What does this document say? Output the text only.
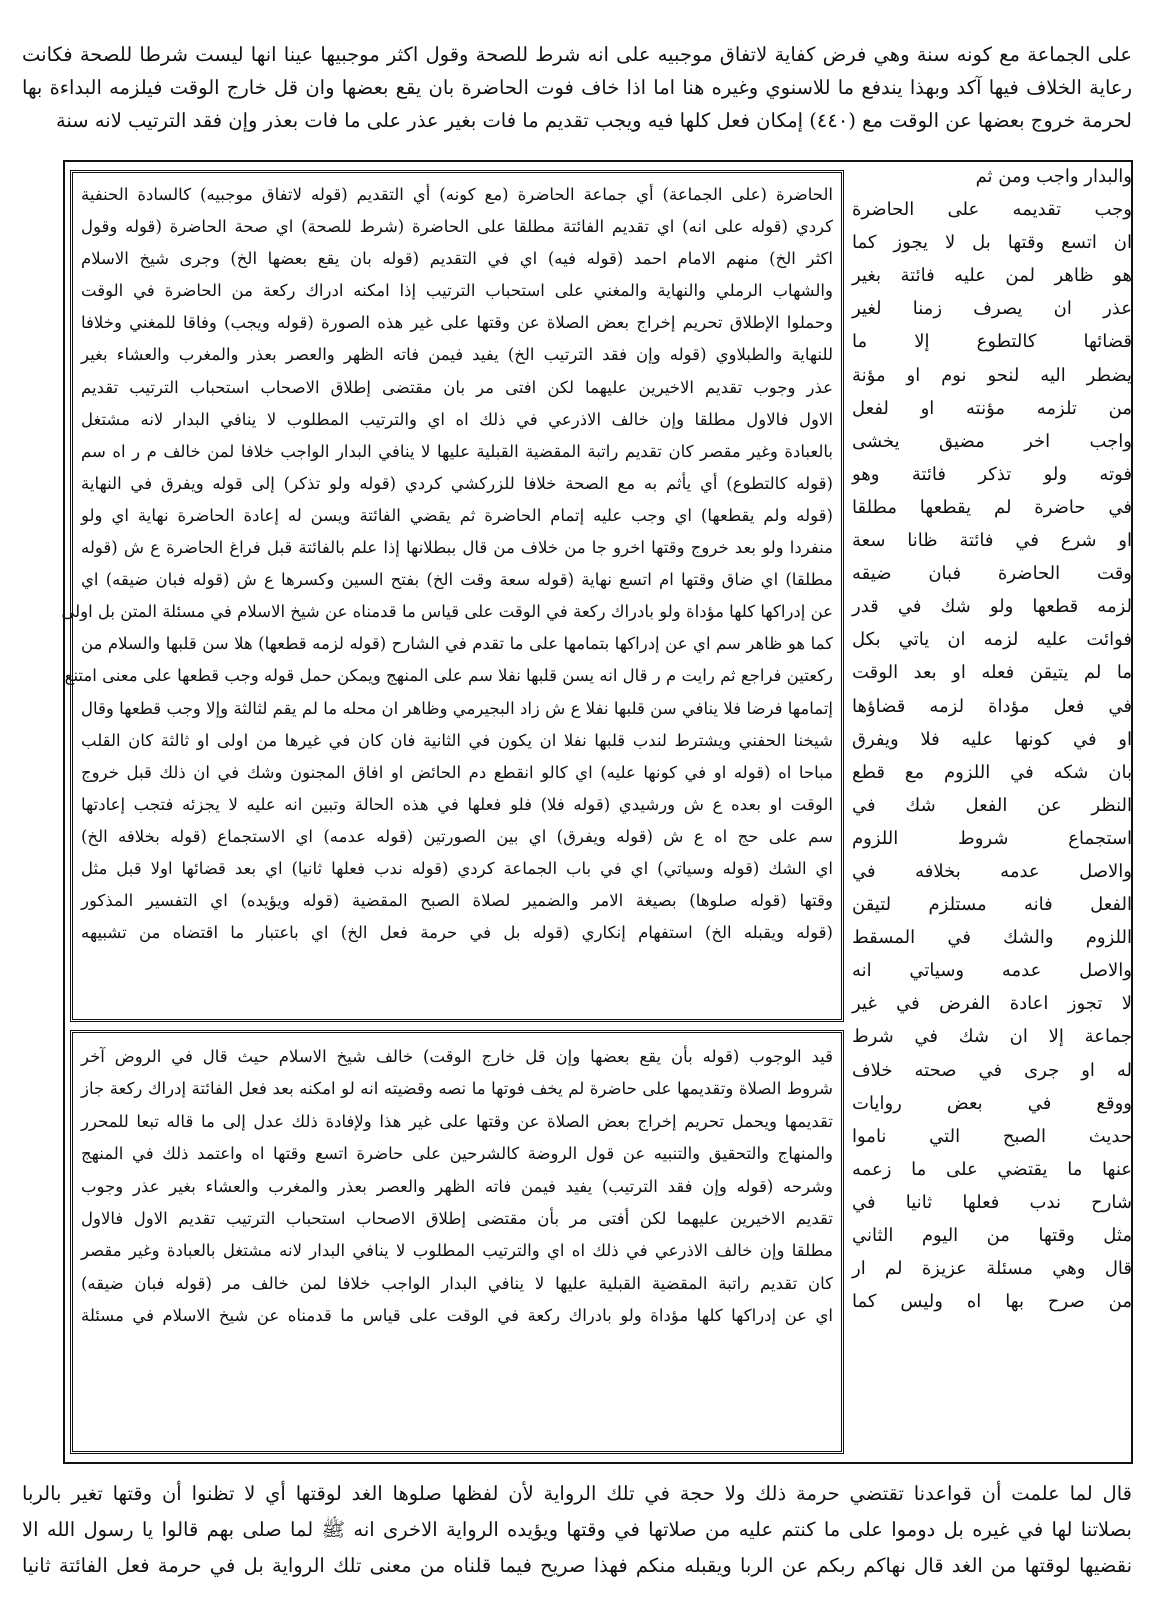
على الجماعة مع كونه سنة وهي فرض كفاية لاتفاق موجبيه على انه شرط للصحة وقول اكثر موجبيها عينا انها ليست شرطا للصحة فكانت
رعاية الخلاف فيها آكد وبهذا يندفع ما للاسنوي وغيره هنا اما اذا خاف فوت الحاضرة بان يقع بعضها وان قل خارج الوقت فيلزمه البداءة بها
لحرمة خروج بعضها عن الوقت مع (٤٤٠) إمكان فعل كلها فيه ويجب تقديم ما فات بغير عذر على ما فات بعذر وإن فقد الترتيب لانه سنة
والبدار واجب ومن ثم
وجب تقديمه على الحاضرة
ان اتسع وقتها بل لا يجوز كما
هو ظاهر لمن عليه فائتة بغير
عذر ان يصرف زمنا لغير
قضائها كالتطوع إلا ما
يضطر اليه لنحو نوم او مؤنة
من تلزمه مؤنته او لفعل
واجب اخر مضيق يخشى
فوته ولو تذكر فائتة وهو
في حاضرة لم يقطعها مطلقا
او شرع في فائتة ظانا سعة
وقت الحاضرة فبان ضيقه
لزمه قطعها ولو شك في قدر
فوائت عليه لزمه ان ياتي بكل
ما لم يتيقن فعله او بعد الوقت
في فعل مؤداة لزمه قضاؤها
او في كونها عليه فلا ويفرق
بان شكه في اللزوم مع قطع
النظر عن الفعل شك في
استجماع شروط اللزوم
والاصل عدمه بخلافه في
الفعل فانه مستلزم لتيقن
اللزوم والشك في المسقط
والاصل عدمه وسياتي انه
لا تجوز اعادة الفرض في غير
جماعة إلا ان شك في شرط
له او جرى في صحته خلاف
ووقع في بعض روايات
حديث الصبح التي ناموا
عنها ما يقتضي على ما زعمه
شارح ندب فعلها ثانيا في
مثل وقتها من اليوم الثاني
قال وهي مسئلة عزيزة لم ار
من صرح بها اه وليس كما
الحاضرة (على الجماعة) أي جماعة الحاضرة (مع كونه) أي التقديم (قوله لاتفاق موجبيه) كالسادة الحنفية
كردي (قوله على انه) اي تقديم الفائتة مطلقا على الحاضرة (شرط للصحة) اي صحة الحاضرة (قوله وقول
اكثر الخ) منهم الامام احمد (قوله فيه) اي في التقديم (قوله بان يقع بعضها الخ) وجرى شيخ الاسلام
والشهاب الرملي والنهاية والمغني على استحباب الترتيب إذا امكنه ادراك ركعة من الحاضرة في الوقت
وحملوا الإطلاق تحريم إخراج بعض الصلاة عن وقتها على غير هذه الصورة (قوله ويجب) وفاقا للمغني وخلافا
للنهاية والطبلاوي (قوله وإن فقد الترتيب الخ) يفيد فيمن فاته الظهر والعصر بعذر والمغرب والعشاء بغير
عذر وجوب تقديم الاخيرين عليهما لكن افتى مر بان مقتضى إطلاق الاصحاب استحباب الترتيب تقديم
الاول فالاول مطلقا وإن خالف الاذرعي في ذلك اه اي والترتيب المطلوب لا ينافي البدار لانه مشتغل
بالعبادة وغير مقصر كان تقديم راتبة المقضية القبلية عليها لا ينافي البدار الواجب خلافا لمن خالف م ر اه سم
(قوله كالتطوع) أي يأثم به مع الصحة خلافا للزركشي كردي (قوله ولو تذكر) إلى قوله ويفرق في النهاية
(قوله ولم يقطعها) اي وجب عليه إتمام الحاضرة ثم يقضي الفائتة ويسن له إعادة الحاضرة نهاية اي ولو
منفردا ولو بعد خروج وقتها اخرو جا من خلاف من قال ببطلانها إذا علم بالفائتة قبل فراغ الحاضرة ع ش (قوله
مطلقا) اي ضاق وقتها ام اتسع نهاية (قوله سعة وقت الخ) بفتح السين وكسرها ع ش (قوله فبان ضيقه) اي
عن إدراكها كلها مؤداة ولو بادراك ركعة في الوقت على قياس ما قدمناه عن شيخ الاسلام في مسئلة المتن بل اولى
كما هو ظاهر سم اي عن إدراكها بتمامها على ما تقدم في الشارح (قوله لزمه قطعها) هلا سن قلبها والسلام من
ركعتين فراجع ثم رايت م ر قال انه يسن قلبها نفلا سم على المنهج ويمكن حمل قوله وجب قطعها على معنى امتنع
إتمامها فرضا فلا ينافي سن قلبها نفلا ع ش زاد البجيرمي وظاهر ان محله ما لم يقم لثالثة وإلا وجب قطعها وقال
شيخنا الحفني ويشترط لندب قلبها نفلا ان يكون في الثانية فان كان في غيرها من اولى او ثالثة كان القلب
مباحا اه (قوله او في كونها عليه) اي كالو انقطع دم الحائض او افاق المجنون وشك في ان ذلك قبل خروج
الوقت او بعده ع ش ورشيدي (قوله فلا) فلو فعلها في هذه الحالة وتبين انه عليه لا يجزئه فتجب إعادتها
سم على حج اه ع ش (قوله ويفرق) اي بين الصورتين (قوله عدمه) اي الاستجماع (قوله بخلافه الخ)
اي الشك (قوله وسياتي) اي في باب الجماعة كردي (قوله ندب فعلها ثانيا) اي بعد قضائها اولا قبل مثل
وقتها (قوله صلوها) بصيغة الامر والضمير لصلاة الصبح المقضية (قوله ويؤيده) اي التفسير المذكور
(قوله ويقبله الخ) استفهام إنكاري (قوله بل في حرمة فعل الخ) اي باعتبار ما اقتضاه من تشبيهه
قيد الوجوب (قوله بأن يقع بعضها وإن قل خارج الوقت) خالف شيخ الاسلام حيث قال في الروض آخر
شروط الصلاة وتقديمها على حاضرة لم يخف فوتها ما نصه وقضيته انه لو امكنه بعد فعل الفائتة إدراك ركعة جاز
تقديمها ويحمل تحريم إخراج بعض الصلاة عن وقتها على غير هذا ولإفادة ذلك عدل إلى ما قاله تبعا للمحرر
والمنهاج والتحقيق والتنبيه عن قول الروضة كالشرحين على حاضرة اتسع وقتها اه واعتمد ذلك في المنهج
وشرحه (قوله وإن فقد الترتيب) يفيد فيمن فاته الظهر والعصر بعذر والمغرب والعشاء بغير عذر وجوب
تقديم الاخيرين عليهما لكن أفتى مر بأن مقتضى إطلاق الاصحاب استحباب الترتيب تقديم الاول فالاول
مطلقا وإن خالف الاذرعي في ذلك اه اي والترتيب المطلوب لا ينافي البدار لانه مشتغل بالعبادة وغير مقصر
كان تقديم راتبة المقضية القبلية عليها لا ينافي البدار الواجب خلافا لمن خالف مر (قوله فبان ضيقه)
اي عن إدراكها كلها مؤداة ولو بادراك ركعة في الوقت على قياس ما قدمناه عن شيخ الاسلام في مسئلة
قال لما علمت أن قواعدنا تقتضي حرمة ذلك ولا حجة في تلك الرواية لأن لفظها صلوها الغد لوقتها أي لا تظنوا أن وقتها تغير بالربا
بصلاتنا لها في غيره بل دوموا على ما كنتم عليه من صلاتها في وقتها ويؤيده الرواية الاخرى انه ﷺ لما صلى بهم قالوا يا رسول الله الا
نقضيها لوقتها من الغد قال نهاكم ربكم عن الربا ويقبله منكم فهذا صريح فيما قلناه من معنى تلك الرواية بل في حرمة فعل الفائتة ثانيا
